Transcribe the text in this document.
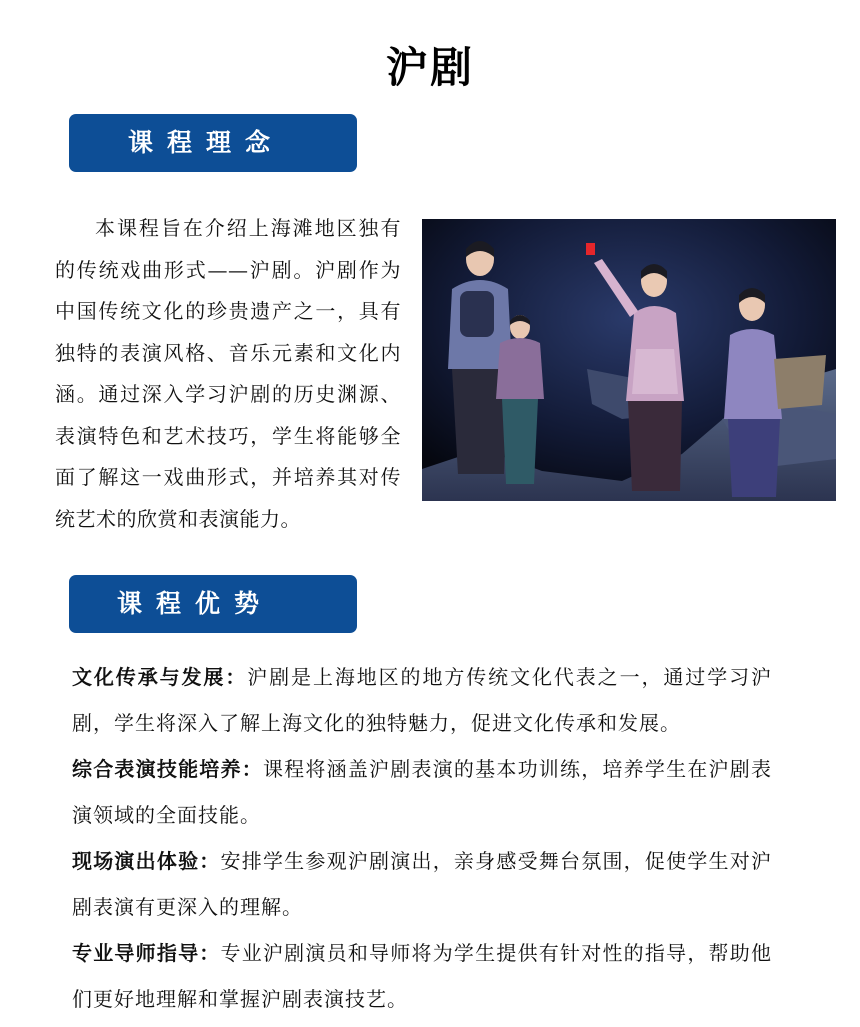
沪剧
课程理念

本课程旨在介绍上海滩地区独有的传统戏曲形式——沪剧。沪剧作为中国传统文化的珍贵遗产之一，具有独特的表演风格、音乐元素和文化内涵。通过深入学习沪剧的历史渊源、表演特色和艺术技巧，学生将能够全面了解这一戏曲形式，并培养其对传统艺术的欣赏和表演能力。

课程优势
文化传承与发展：沪剧是上海地区的地方传统文化代表之一，通过学习沪剧，学生将深入了解上海文化的独特魅力，促进文化传承和发展。
综合表演技能培养：课程将涵盖沪剧表演的基本功训练，培养学生在沪剧表演领域的全面技能。
现场演出体验：安排学生参观沪剧演出，亲身感受舞台氛围，促使学生对沪剧表演有更深入的理解。
专业导师指导：专业沪剧演员和导师将为学生提供有针对性的指导，帮助他们更好地理解和掌握沪剧表演技艺。
